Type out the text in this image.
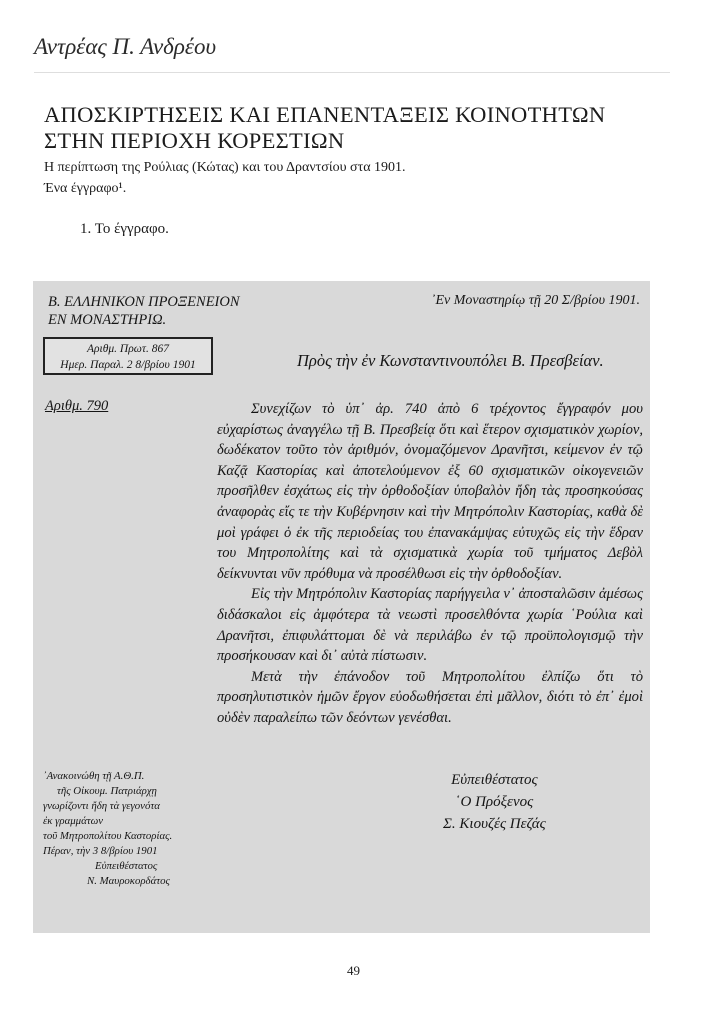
Αντρέας Π. Ανδρέου
ΑΠΟΣΚΙΡΤΗΣΕΙΣ ΚΑΙ ΕΠΑΝΕΝΤΑΞΕΙΣ ΚΟΙΝΟΤΗΤΩΝ
ΣΤΗΝ ΠΕΡΙΟΧΗ ΚΟΡΕΣΤΙΩΝ
Η περίπτωση της Ρούλιας (Κώτας) και του Δραντσίου στα 1901.
Ένα έγγραφο¹.
1. Το έγγραφο.
Β. ΕΛΛΗΝΙΚΟΝ ΠΡΟΞΕΝΕΙΟΝ
ΕΝ ΜΟΝΑΣΤΗΡΙΩ.
᾿Εν Μοναστηρίῳ τῇ 20 Σ/βρίου 1901.
Αριθμ. Πρωτ. 867
Ημερ. Παραλ. 2 8/βρίου 1901	Πρὸς τὴν ἐν Κωνσταντινουπόλει Β. Πρεσβείαν.
Αριθμ. 790	Συνεχίζων τὸ ὑπ᾿ ἀρ. 740 ἀπὸ 6 τρέχοντος ἔγγραφόν μου εὐχαρίστως ἀναγγέλω τῇ Β. Πρεσβείᾳ ὅτι καὶ ἕτερον σχισματικὸν χωρίον, δωδέκατον τοῦτο τὸν ἀριθμόν, ὀνομαζόμενον Δρανῆτσι, κείμενον ἐν τῷ Καζᾷ Καστορίας καὶ ἀποτελούμενον ἐξ 60 σχισματικῶν οἰκογενειῶν προσῆλθεν ἐσχάτως εἰς τὴν ὀρθοδοξίαν ὑποβαλὸν ἤδη τὰς προσηκούσας ἀναφορὰς εἴς τε τὴν Κυβέρνησιν καὶ τὴν Μητρόπολιν Καστορίας, καθὰ δὲ μοὶ γράφει ὁ ἐκ τῆς περιοδείας του ἐπανακάμψας εὐτυχῶς εἰς τὴν ἕδραν του Μητροπολίτης καὶ τὰ σχισματικὰ χωρία τοῦ τμήματος Δεβὸλ δείκνυνται νῦν πρόθυμα νὰ προσέλθωσι εἰς τὴν ὀρθοδοξίαν.

Εἰς τὴν Μητρόπολιν Καστορίας παρήγγειλα ν᾿ ἀποσταλῶσιν ἀμέσως διδάσκαλοι εἰς ἀμφότερα τὰ νεωστὶ προσελθόντα χωρία ῾Ρούλια καὶ Δρανῆτσι, ἐπιφυλάττομαι δὲ νὰ περιλάβω ἐν τῷ προϋπολογισμῷ τὴν προσήκουσαν καὶ δι᾿ αὐτὰ πίστωσιν.

Μετὰ τὴν ἐπάνοδον τοῦ Μητροπολίτου ἐλπίζω ὅτι τὸ προσηλυτιστικὸν ἡμῶν ἔργον εὐοδωθήσεται ἐπὶ μᾶλλον, διότι τὸ ἐπ᾿ ἐμοὶ οὐδὲν παραλείπω τῶν δεόντων γενέσθαι.

᾿Ανακοινώθη τῇ Α.Θ.Π.
τῆς Οἰκουμ. Πατριάρχῃ
γνωρίζοντι ἤδη τὰ γεγονότα
ἐκ γραμμάτων
τοῦ Μητροπολίτου Καστορίας.
Πέραν, τὴν 3 8/βρίου 1901
Εὐπειθέστατος
Ν. Μαυροκορδάτος
Εὐπειθέστατος
῾Ο Πρόξενος
Σ. Κιουζές Πεζάς
49
